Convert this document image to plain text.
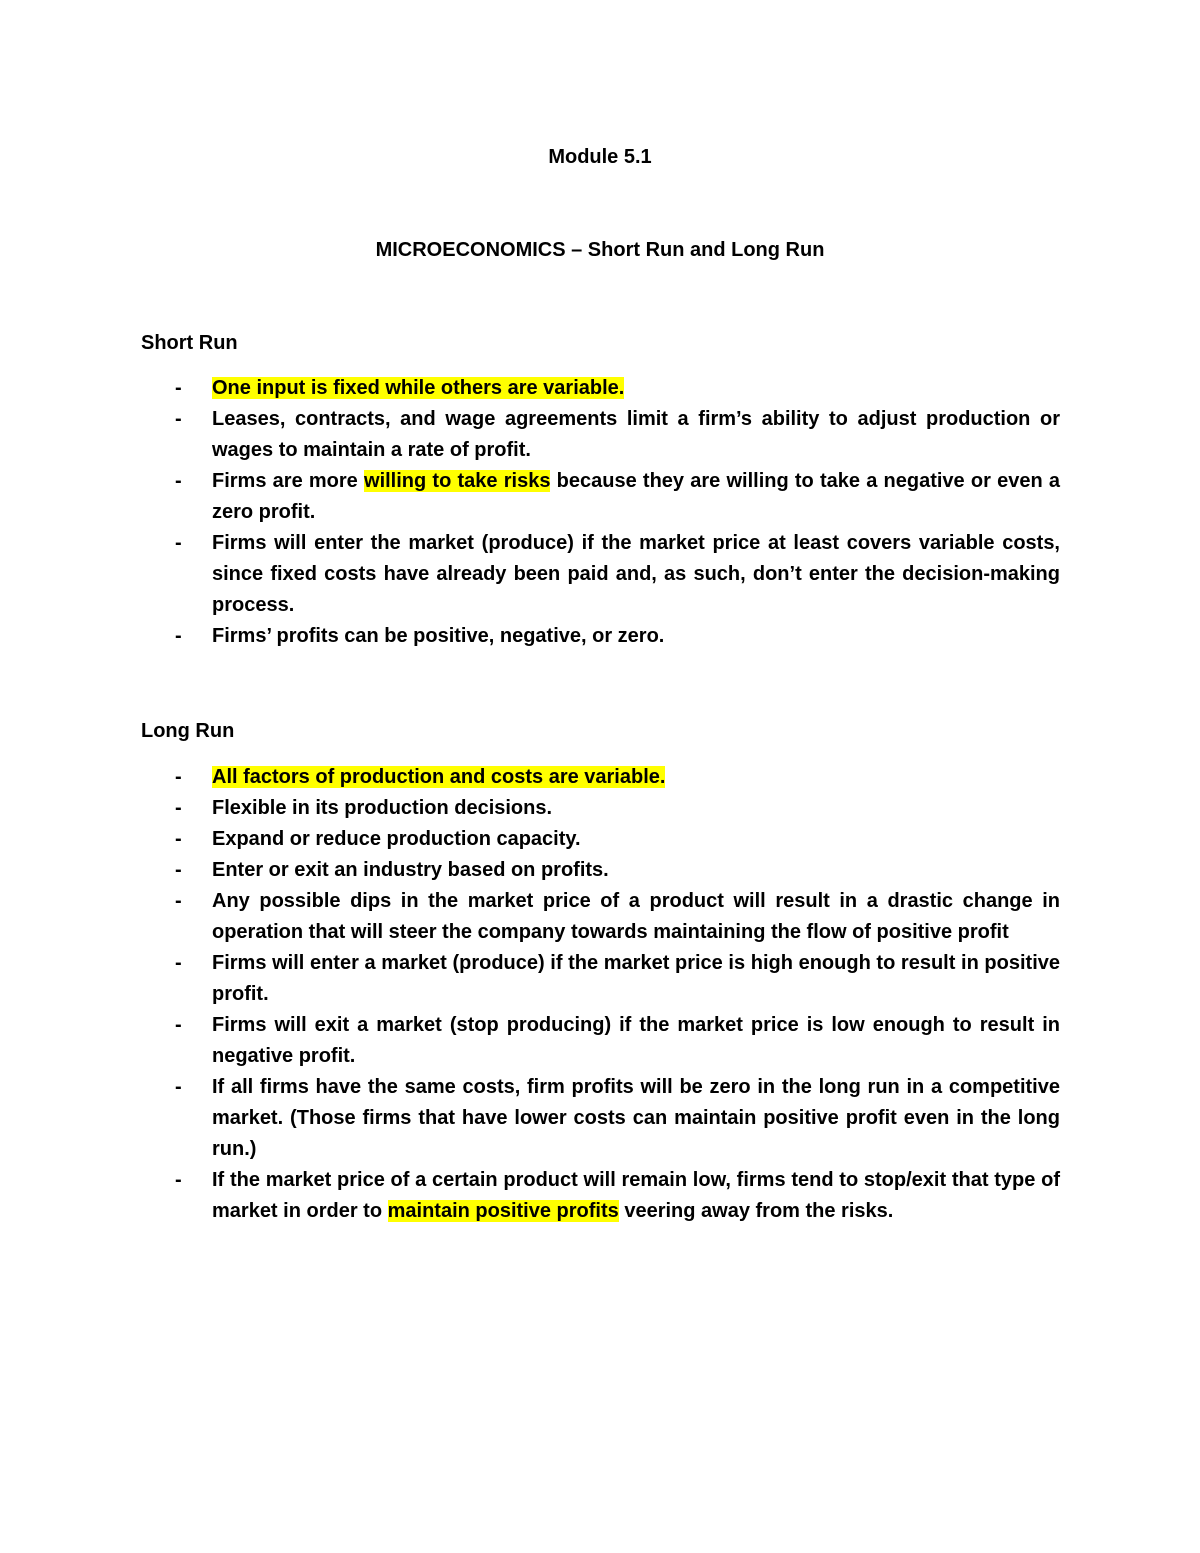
Module 5.1
MICROECONOMICS – Short Run and Long Run
Short Run
- One input is fixed while others are variable.
- Leases, contracts, and wage agreements limit a firm’s ability to adjust production or wages to maintain a rate of profit.
- Firms are more willing to take risks because they are willing to take a negative or even a zero profit.
- Firms will enter the market (produce) if the market price at least covers variable costs, since fixed costs have already been paid and, as such, don’t enter the decision-making process.
- Firms’ profits can be positive, negative, or zero.
Long Run
- All factors of production and costs are variable.
- Flexible in its production decisions.
- Expand or reduce production capacity.
- Enter or exit an industry based on profits.
- Any possible dips in the market price of a product will result in a drastic change in operation that will steer the company towards maintaining the flow of positive profit
- Firms will enter a market (produce) if the market price is high enough to result in positive profit.
- Firms will exit a market (stop producing) if the market price is low enough to result in negative profit.
- If all firms have the same costs, firm profits will be zero in the long run in a competitive market. (Those firms that have lower costs can maintain positive profit even in the long run.)
- If the market price of a certain product will remain low, firms tend to stop/exit that type of market in order to maintain positive profits veering away from the risks.
